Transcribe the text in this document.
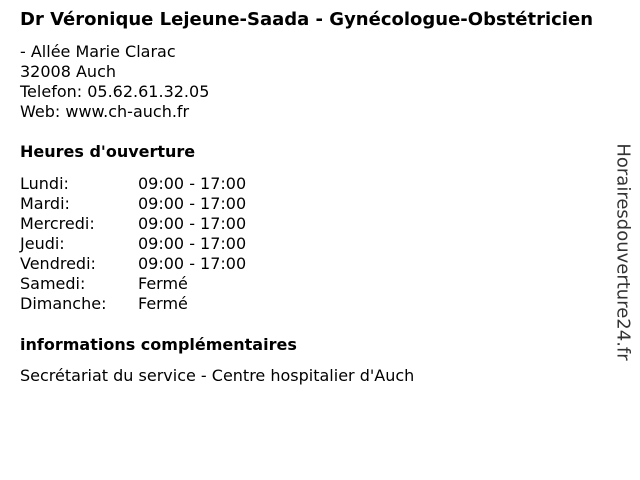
Dr Véronique Lejeune-Saada - Gynécologue-Obstétricien
- Allée Marie Clarac
32008 Auch
Telefon: 05.62.61.32.05
Web: www.ch-auch.fr
Heures d'ouverture
Lundi:	09:00 - 17:00
Mardi:	09:00 - 17:00
Mercredi:	09:00 - 17:00
Jeudi:	09:00 - 17:00
Vendredi:	09:00 - 17:00
Samedi:	Fermé
Dimanche:	Fermé
informations complémentaires
Secrétariat du service - Centre hospitalier d'Auch
Horairesdouverture24.fr
